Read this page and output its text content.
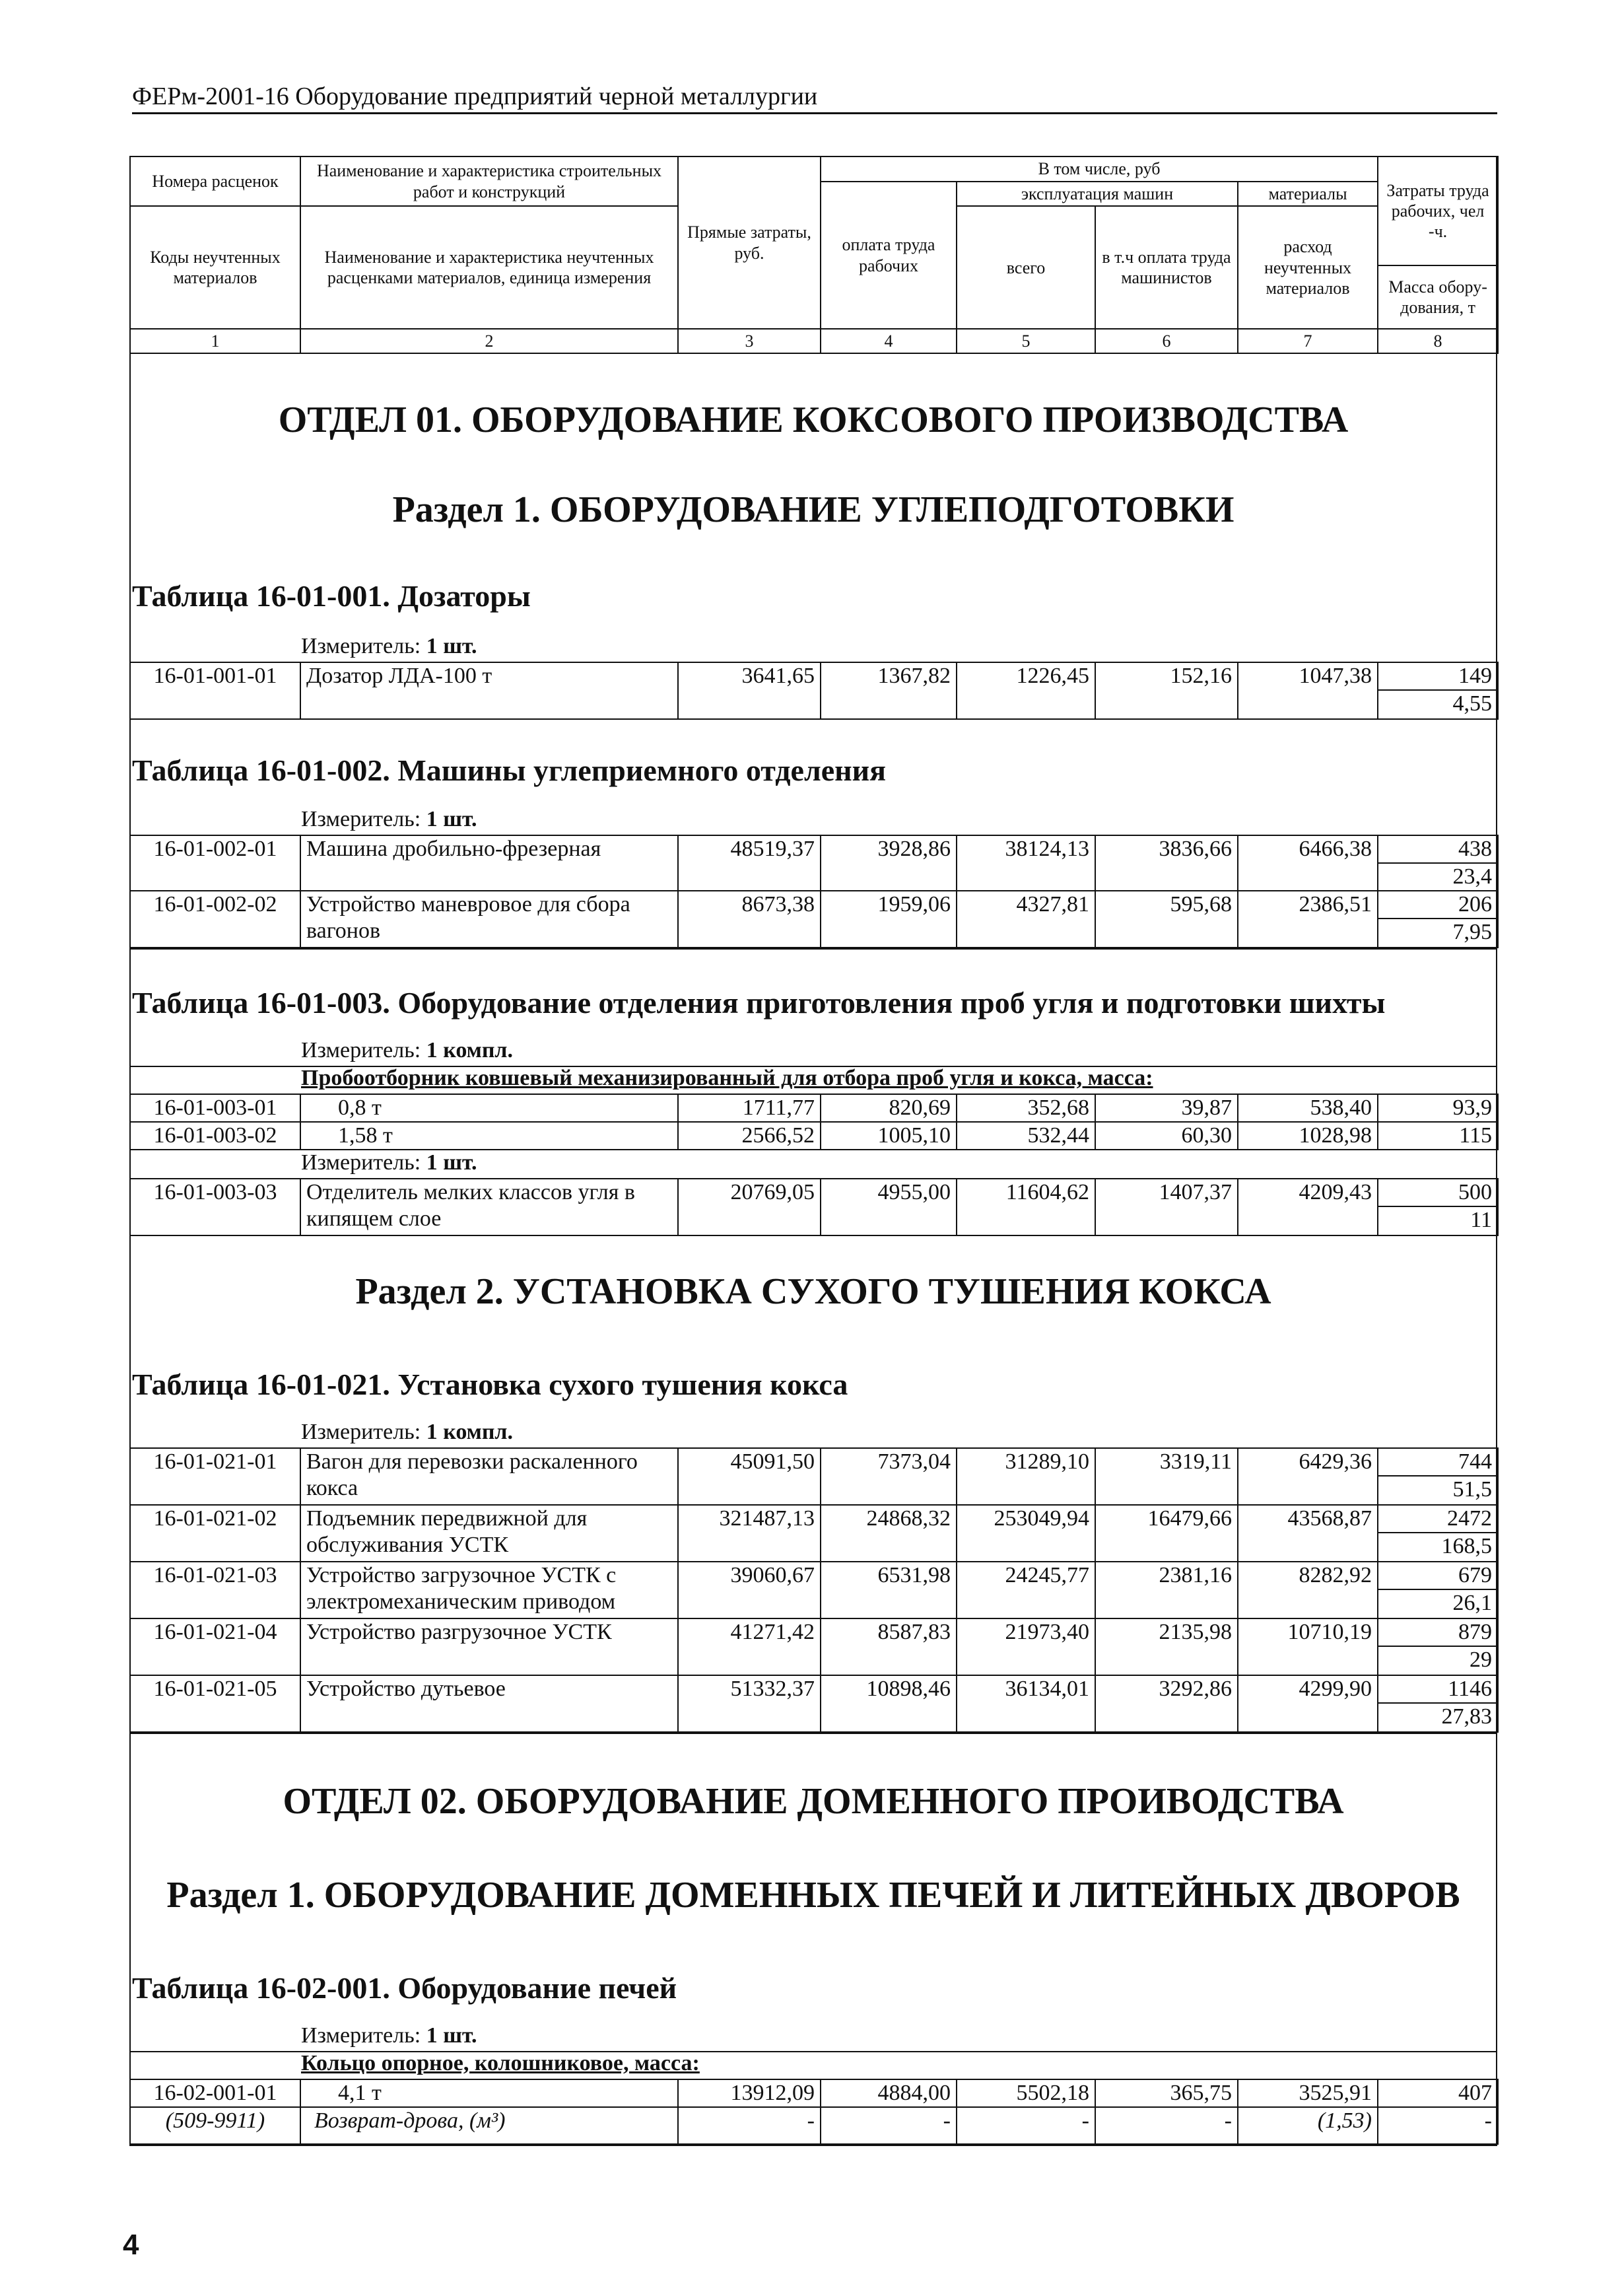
ФЕРм-2001-16 Оборудование предприятий черной металлургии
Номера расценок	Наименование и характеристика строительных работ и конструкций	Прямые затраты, руб.	В том числе, руб				Затраты труда рабочих, чел -ч.
			оплата труда рабочих	эксплуатация машин		материалы	
Коды неучтенных материалов	Наименование и характеристика неучтенных расценками материалов, единица измерения			всего	в т.ч оплата труда машинистов	расход неучтенных материалов	
							Масса обору-дования, т
1	2	3	4	5	6	7	8
ОТДЕЛ 01. ОБОРУДОВАНИЕ КОКСОВОГО ПРОИЗВОДСТВА
Раздел 1. ОБОРУДОВАНИЕ УГЛЕПОДГОТОВКИ
Таблица 16-01-001. Дозаторы
Измеритель: 1 шт.
16-01-001-01	Дозатор ЛДА-100 т	3641,65	1367,82	1226,45	152,16	1047,38	149
4,55
Таблица 16-01-002. Машины углеприемного отделения
Измеритель: 1 шт.
16-01-002-01	Машина дробильно-фрезерная	48519,37	3928,86	38124,13	3836,66	6466,38	438
23,4
16-01-002-02	Устройство маневровое для сбора вагонов	8673,38	1959,06	4327,81	595,68	2386,51	206
7,95
Таблица 16-01-003. Оборудование отделения приготовления проб угля и подготовки шихты
Измеритель: 1 компл.
Пробоотборник ковшевый механизированный для отбора проб угля и кокса, масса:
16-01-003-01	0,8 т	1711,77	820,69	352,68	39,87	538,40	93,9
16-01-003-02	1,58 т	2566,52	1005,10	532,44	60,30	1028,98	115
Измеритель: 1 шт.
16-01-003-03	Отделитель мелких классов угля в кипящем слое	20769,05	4955,00	11604,62	1407,37	4209,43	500
11
Раздел 2. УСТАНОВКА СУХОГО ТУШЕНИЯ КОКСА
Таблица 16-01-021. Установка сухого тушения кокса
Измеритель: 1 компл.
16-01-021-01	Вагон для перевозки раскаленного кокса	45091,50	7373,04	31289,10	3319,11	6429,36	744
51,5
16-01-021-02	Подъемник передвижной для обслуживания УСТК	321487,13	24868,32	253049,94	16479,66	43568,87	2472
168,5
16-01-021-03	Устройство загрузочное УСТК с электромеханическим приводом	39060,67	6531,98	24245,77	2381,16	8282,92	679
26,1
16-01-021-04	Устройство разгрузочное УСТК	41271,42	8587,83	21973,40	2135,98	10710,19	879
29
16-01-021-05	Устройство дутьевое	51332,37	10898,46	36134,01	3292,86	4299,90	1146
27,83
ОТДЕЛ 02. ОБОРУДОВАНИЕ ДОМЕННОГО ПРОИВОДСТВА
Раздел 1. ОБОРУДОВАНИЕ ДОМЕННЫХ ПЕЧЕЙ И ЛИТЕЙНЫХ ДВОРОВ
Таблица 16-02-001. Оборудование печей
Измеритель: 1 шт.
Кольцо опорное, колошниковое, масса:
16-02-001-01	4,1 т	13912,09	4884,00	5502,18	365,75	3525,91	407
(509-9911)	Возврат-дрова, (м³)	-	-	-	-	(1,53)	-
4
